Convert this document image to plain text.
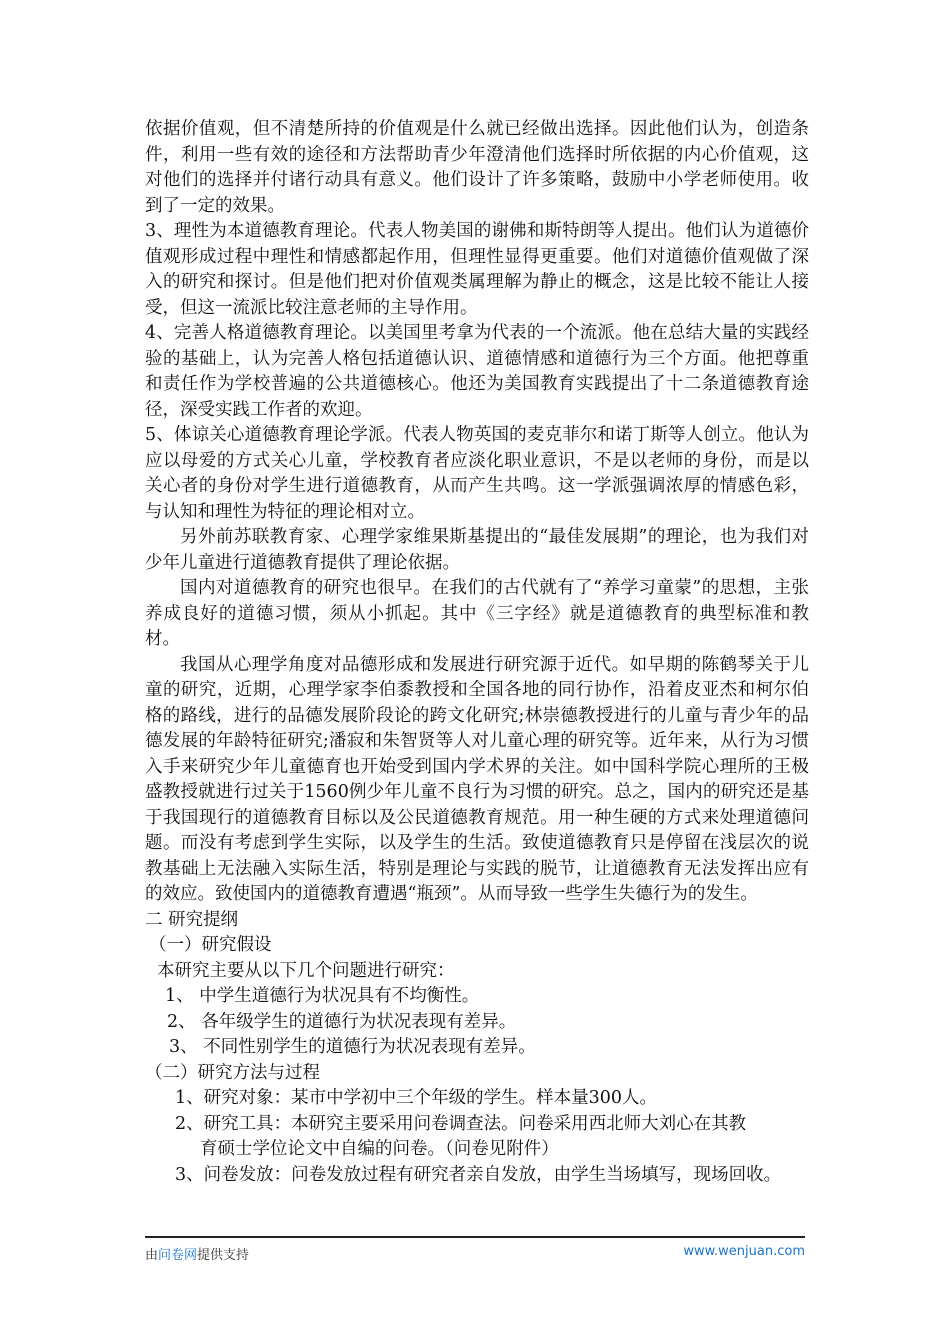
依据价值观，但不清楚所持的价值观是什么就已经做出选择。因此他们认为，创造条件，利用一些有效的途径和方法帮助青少年澄清他们选择时所依据的内心价值观，这对他们的选择并付诸行动具有意义。他们设计了许多策略，鼓励中小学老师使用。收到了一定的效果。

3、理性为本道德教育理论。代表人物美国的谢佛和斯特朗等人提出。他们认为道德价值观形成过程中理性和情感都起作用，但理性显得更重要。他们对道德价值观做了深入的研究和探讨。但是他们把对价值观类属理解为静止的概念，这是比较不能让人接受，但这一流派比较注意老师的主导作用。

4、完善人格道德教育理论。以美国里考拿为代表的一个流派。他在总结大量的实践经验的基础上，认为完善人格包括道德认识、道德情感和道德行为三个方面。他把尊重和责任作为学校普遍的公共道德核心。他还为美国教育实践提出了十二条道德教育途径，深受实践工作者的欢迎。

5、体谅关心道德教育理论学派。代表人物英国的麦克菲尔和诺丁斯等人创立。他认为应以母爱的方式关心儿童，学校教育者应淡化职业意识，不是以老师的身份，而是以关心者的身份对学生进行道德教育，从而产生共鸣。这一学派强调浓厚的情感色彩，与认知和理性为特征的理论相对立。

另外前苏联教育家、心理学家维果斯基提出的“最佳发展期”的理论，也为我们对少年儿童进行道德教育提供了理论依据。

国内对道德教育的研究也很早。在我们的古代就有了“养学习童蒙”的思想，主张养成良好的道德习惯，须从小抓起。其中《三字经》就是道德教育的典型标准和教材。

我国从心理学角度对品德形成和发展进行研究源于近代。如早期的陈鹤琴关于儿童的研究，近期，心理学家李伯黍教授和全国各地的同行协作，沿着皮亚杰和柯尔伯格的路线，进行的品德发展阶段论的跨文化研究;林崇德教授进行的儿童与青少年的品德发展的年龄特征研究;潘寂和朱智贤等人对儿童心理的研究等。近年来，从行为习惯入手来研究少年儿童德育也开始受到国内学术界的关注。如中国科学院心理所的王极盛教授就进行过关于1560例少年儿童不良行为习惯的研究。总之，国内的研究还是基于我国现行的道德教育目标以及公民道德教育规范。用一种生硬的方式来处理道德问题。而没有考虑到学生实际，以及学生的生活。致使道德教育只是停留在浅层次的说教基础上无法融入实际生活，特别是理论与实践的脱节，让道德教育无法发挥出应有的效应。致使国内的道德教育遭遇“瓶颈”。从而导致一些学生失德行为的发生。

二 研究提纲

（一）研究假设

本研究主要从以下几个问题进行研究：

1、 中学生道德行为状况具有不均衡性。

2、 各年级学生的道德行为状况表现有差异。

3、 不同性别学生的道德行为状况表现有差异。

（二）研究方法与过程

1、研究对象：某市中学初中三个年级的学生。样本量300人。

2、研究工具：本研究主要采用问卷调查法。问卷采用西北师大刘心在其教
育硕士学位论文中自编的问卷。（问卷见附件）

3、问卷发放：问卷发放过程有研究者亲自发放，由学生当场填写，现场回收。

由问卷网提供支持	www.wenjuan.com
